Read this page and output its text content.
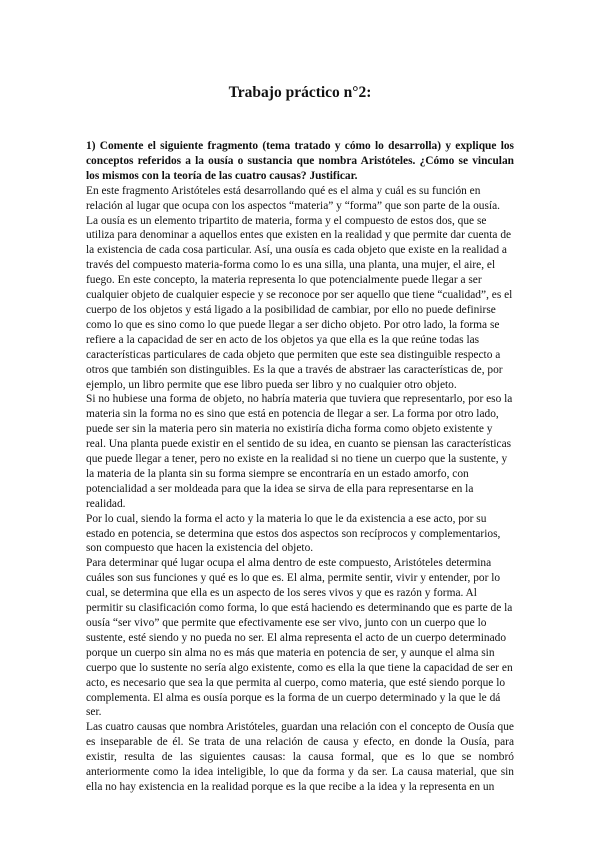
Trabajo práctico n°2:
1) Comente el siguiente fragmento (tema tratado y cómo lo desarrolla) y explique los conceptos referidos a la ousía o sustancia que nombra Aristóteles. ¿Cómo se vinculan los mismos con la teoría de las cuatro causas? Justificar.

En este fragmento Aristóteles está desarrollando qué es el alma y cuál es su función en relación al lugar que ocupa con los aspectos “materia” y “forma” que son parte de la ousía. La ousía es un elemento tripartito de materia, forma y el compuesto de estos dos, que se utiliza para denominar a aquellos entes que existen en la realidad y que permite dar cuenta de la existencia de cada cosa particular. Así, una ousía es cada objeto que existe en la realidad a través del compuesto materia-forma como lo es una silla, una planta, una mujer, el aire, el fuego. En este concepto, la materia representa lo que potencialmente puede llegar a ser cualquier objeto de cualquier especie y se reconoce por ser aquello que tiene “cualidad”, es el cuerpo de los objetos y está ligado a la posibilidad de cambiar, por ello no puede definirse como lo que es sino como lo que puede llegar a ser dicho objeto. Por otro lado, la forma se refiere a la capacidad de ser en acto de los objetos ya que ella es la que reúne todas las características particulares de cada objeto que permiten que este sea distinguible respecto a otros que también son distinguibles. Es la que a través de abstraer las características de, por ejemplo, un libro permite que ese libro pueda ser libro y no cualquier otro objeto.

Si no hubiese una forma de objeto, no habría materia que tuviera que representarlo, por eso la materia sin la forma no es sino que está en potencia de llegar a ser. La forma por otro lado, puede ser sin la materia pero sin materia no existiría dicha forma como objeto existente y real. Una planta puede existir en el sentido de su idea, en cuanto se piensan las características que puede llegar a tener, pero no existe en la realidad si no tiene un cuerpo que la sustente, y la materia de la planta sin su forma siempre se encontraría en un estado amorfo, con potencialidad a ser moldeada para que la idea se sirva de ella para representarse en la realidad.

Por lo cual, siendo la forma el acto y la materia lo que le da existencia a ese acto, por su estado en potencia, se determina que estos dos aspectos son recíprocos y complementarios, son compuesto que hacen la existencia del objeto.

Para determinar qué lugar ocupa el alma dentro de este compuesto, Aristóteles determina cuáles son sus funciones y qué es lo que es. El alma, permite sentir, vivir y entender, por lo cual, se determina que ella es un aspecto de los seres vivos y que es razón y forma. Al permitir su clasificación como forma, lo que está haciendo es determinando que es parte de la ousía “ser vivo” que permite que efectivamente ese ser vivo, junto con un cuerpo que lo sustente, esté siendo y no pueda no ser. El alma representa el acto de un cuerpo determinado porque un cuerpo sin alma no es más que materia en potencia de ser, y aunque el alma sin cuerpo que lo sustente no sería algo existente, como es ella la que tiene la capacidad de ser en acto, es necesario que sea la que permita al cuerpo, como materia, que esté siendo porque lo complementa. El alma es ousía porque es la forma de un cuerpo determinado y la que le dá ser.

Las cuatro causas que nombra Aristóteles, guardan una relación con el concepto de Ousía que es inseparable de él. Se trata de una relación de causa y efecto, en donde la Ousía, para existir, resulta de las siguientes causas: la causa formal, que es lo que se nombró anteriormente como la idea inteligible, lo que da forma y da ser. La causa material, que sin ella no hay existencia en la realidad porque es la que recibe a la idea y la representa en un
